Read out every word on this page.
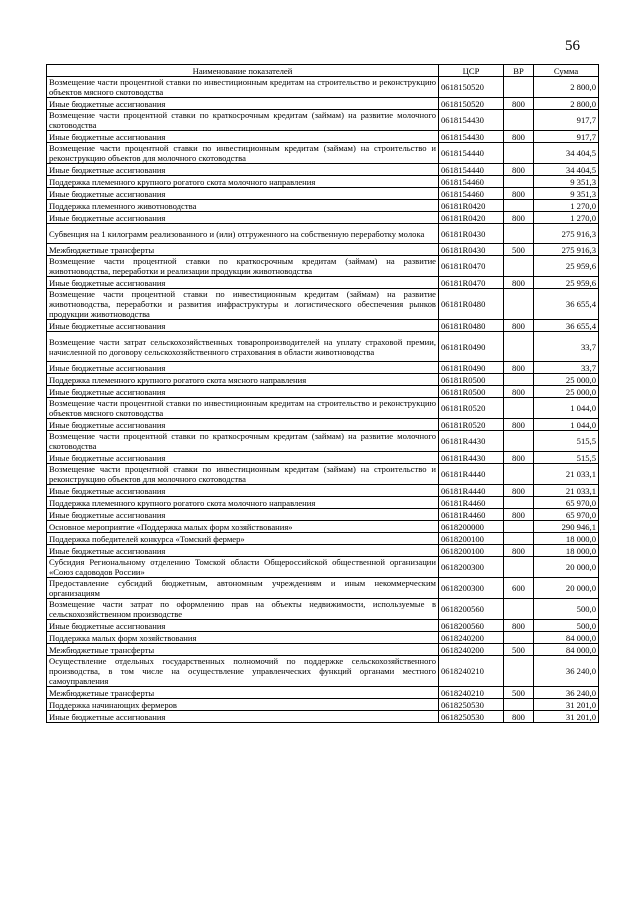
56
Наименование показателей	ЦСР	ВР	Сумма
Возмещение части процентной ставки по инвестиционным кредитам на строительство и реконструкцию объектов мясного скотоводства	0618150520		2 800,0
Иные бюджетные ассигнования	0618150520	800	2 800,0
Возмещение части процентной ставки по краткосрочным кредитам (займам) на развитие молочного скотоводства	0618154430		917,7
Иные бюджетные ассигнования	0618154430	800	917,7
Возмещение части процентной ставки по инвестиционным кредитам (займам) на строительство и реконструкцию объектов для молочного скотоводства	0618154440		34 404,5
Иные бюджетные ассигнования	0618154440	800	34 404,5
Поддержка племенного крупного рогатого скота молочного направления	0618154460		9 351,3
Иные бюджетные ассигнования	0618154460	800	9 351,3
Поддержка племенного животноводства	06181R0420		1 270,0
Иные бюджетные ассигнования	06181R0420	800	1 270,0
Субвенция на 1 килограмм реализованного и (или) отгруженного на собственную переработку молока	06181R0430		275 916,3
Межбюджетные трансферты	06181R0430	500	275 916,3
Возмещение части процентной ставки по краткосрочным кредитам (займам) на развитие животноводства, переработки и реализации продукции животноводства	06181R0470		25 959,6
Иные бюджетные ассигнования	06181R0470	800	25 959,6
Возмещение части процентной ставки по инвестиционным кредитам (займам) на развитие животноводства, переработки и развития инфраструктуры и логистического обеспечения рынков продукции животноводства	06181R0480		36 655,4
Иные бюджетные ассигнования	06181R0480	800	36 655,4
Возмещение части затрат сельскохозяйственных товаропроизводителей на уплату страховой премии, начисленной по договору сельскохозяйственного страхования в области животноводства	06181R0490		33,7
Иные бюджетные ассигнования	06181R0490	800	33,7
Поддержка племенного крупного рогатого скота мясного направления	06181R0500		25 000,0
Иные бюджетные ассигнования	06181R0500	800	25 000,0
Возмещение части процентной ставки по инвестиционным кредитам на строительство и реконструкцию объектов мясного скотоводства	06181R0520		1 044,0
Иные бюджетные ассигнования	06181R0520	800	1 044,0
Возмещение части процентной ставки по краткосрочным кредитам (займам) на развитие молочного скотоводства	06181R4430		515,5
Иные бюджетные ассигнования	06181R4430	800	515,5
Возмещение части процентной ставки по инвестиционным кредитам (займам) на строительство и реконструкцию объектов для молочного скотоводства	06181R4440		21 033,1
Иные бюджетные ассигнования	06181R4440	800	21 033,1
Поддержка племенного крупного рогатого скота молочного направления	06181R4460		65 970,0
Иные бюджетные ассигнования	06181R4460	800	65 970,0
Основное мероприятие «Поддержка малых форм хозяйствования»	0618200000		290 946,1
Поддержка победителей конкурса «Томский фермер»	0618200100		18 000,0
Иные бюджетные ассигнования	0618200100	800	18 000,0
Субсидия Региональному отделению Томской области Общероссийской общественной организации «Союз садоводов России»	0618200300		20 000,0
Предоставление субсидий бюджетным, автономным учреждениям и иным некоммерческим организациям	0618200300	600	20 000,0
Возмещение части затрат по оформлению прав на объекты недвижимости, используемые в сельскохозяйственном производстве	0618200560		500,0
Иные бюджетные ассигнования	0618200560	800	500,0
Поддержка малых форм хозяйствования	0618240200		84 000,0
Межбюджетные трансферты	0618240200	500	84 000,0
Осуществление отдельных государственных полномочий по поддержке сельскохозяйственного производства, в том числе на осуществление управленческих функций органами местного самоуправления	0618240210		36 240,0
Межбюджетные трансферты	0618240210	500	36 240,0
Поддержка начинающих фермеров	0618250530		31 201,0
Иные бюджетные ассигнования	0618250530	800	31 201,0
